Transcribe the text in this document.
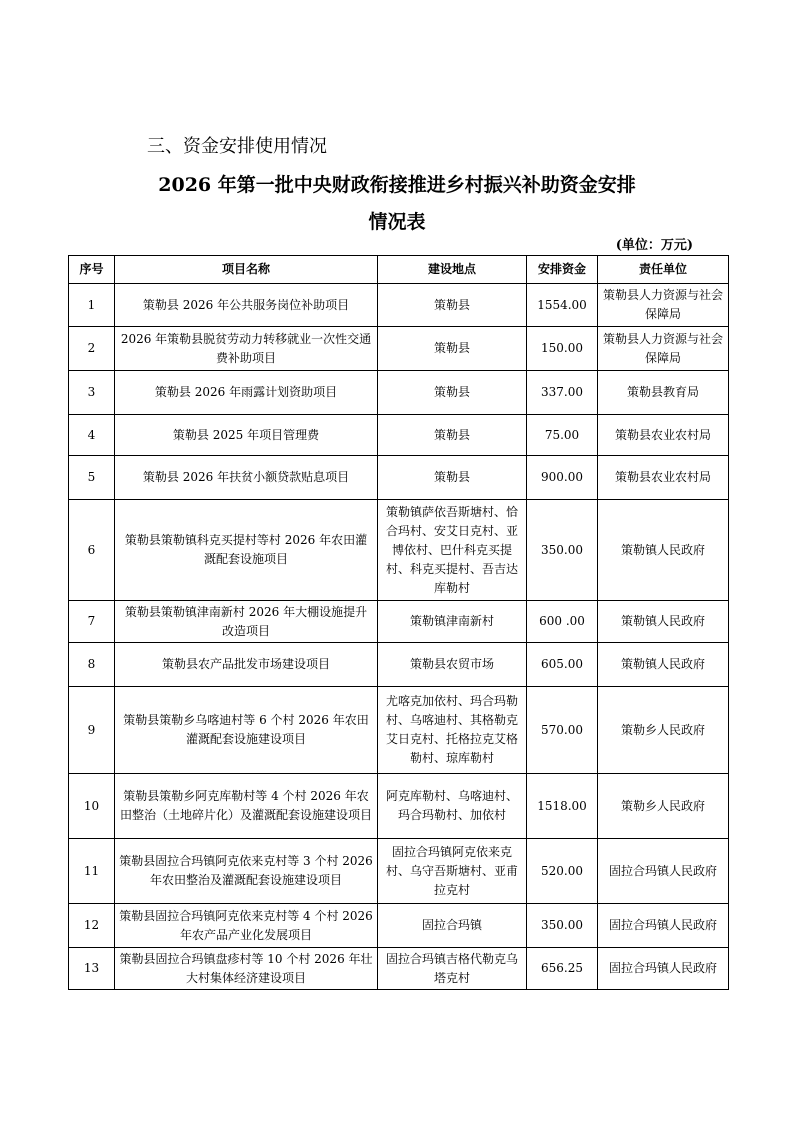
三、资金安排使用情况
2026 年第一批中央财政衔接推进乡村振兴补助资金安排
情况表
(单位：万元)
序号	项目名称	建设地点	安排资金	责任单位
1	策勒县 2026 年公共服务岗位补助项目	策勒县	1554.00	策勒县人力资源与社会保障局
2	2026 年策勒县脱贫劳动力转移就业一次性交通费补助项目	策勒县	150.00	策勒县人力资源与社会保障局
3	策勒县 2026 年雨露计划资助项目	策勒县	337.00	策勒县教育局
4	策勒县 2025 年项目管理费	策勒县	75.00	策勒县农业农村局
5	策勒县 2026 年扶贫小额贷款贴息项目	策勒县	900.00	策勒县农业农村局
6	策勒县策勒镇科克买提村等村 2026 年农田灌溉配套设施项目	策勒镇萨依吾斯塘村、恰合玛村、安艾日克村、亚博依村、巴什科克买提村、科克买提村、吾吉达库勒村	350.00	策勒镇人民政府
7	策勒县策勒镇津南新村 2026 年大棚设施提升改造项目	策勒镇津南新村	600 .00	策勒镇人民政府
8	策勒县农产品批发市场建设项目	策勒县农贸市场	605.00	策勒镇人民政府
9	策勒县策勒乡乌喀迪村等 6 个村 2026 年农田灌溉配套设施建设项目	尤喀克加依村、玛合玛勒村、乌喀迪村、其格勒克艾日克村、托格拉克艾格勒村、琼库勒村	570.00	策勒乡人民政府
10	策勒县策勒乡阿克库勒村等 4 个村 2026 年农田整治（土地碎片化）及灌溉配套设施建设项目	阿克库勒村、乌喀迪村、玛合玛勒村、加依村	1518.00	策勒乡人民政府
11	策勒县固拉合玛镇阿克依来克村等 3 个村 2026 年农田整治及灌溉配套设施建设项目	固拉合玛镇阿克依来克村、乌守吾斯塘村、亚甫拉克村	520.00	固拉合玛镇人民政府
12	策勒县固拉合玛镇阿克依来克村等 4 个村 2026 年农产品产业化发展项目	固拉合玛镇	350.00	固拉合玛镇人民政府
13	策勒县固拉合玛镇盘疹村等 10 个村 2026 年壮大村集体经济建设项目	固拉合玛镇吉格代勒克乌塔克村	656.25	固拉合玛镇人民政府
